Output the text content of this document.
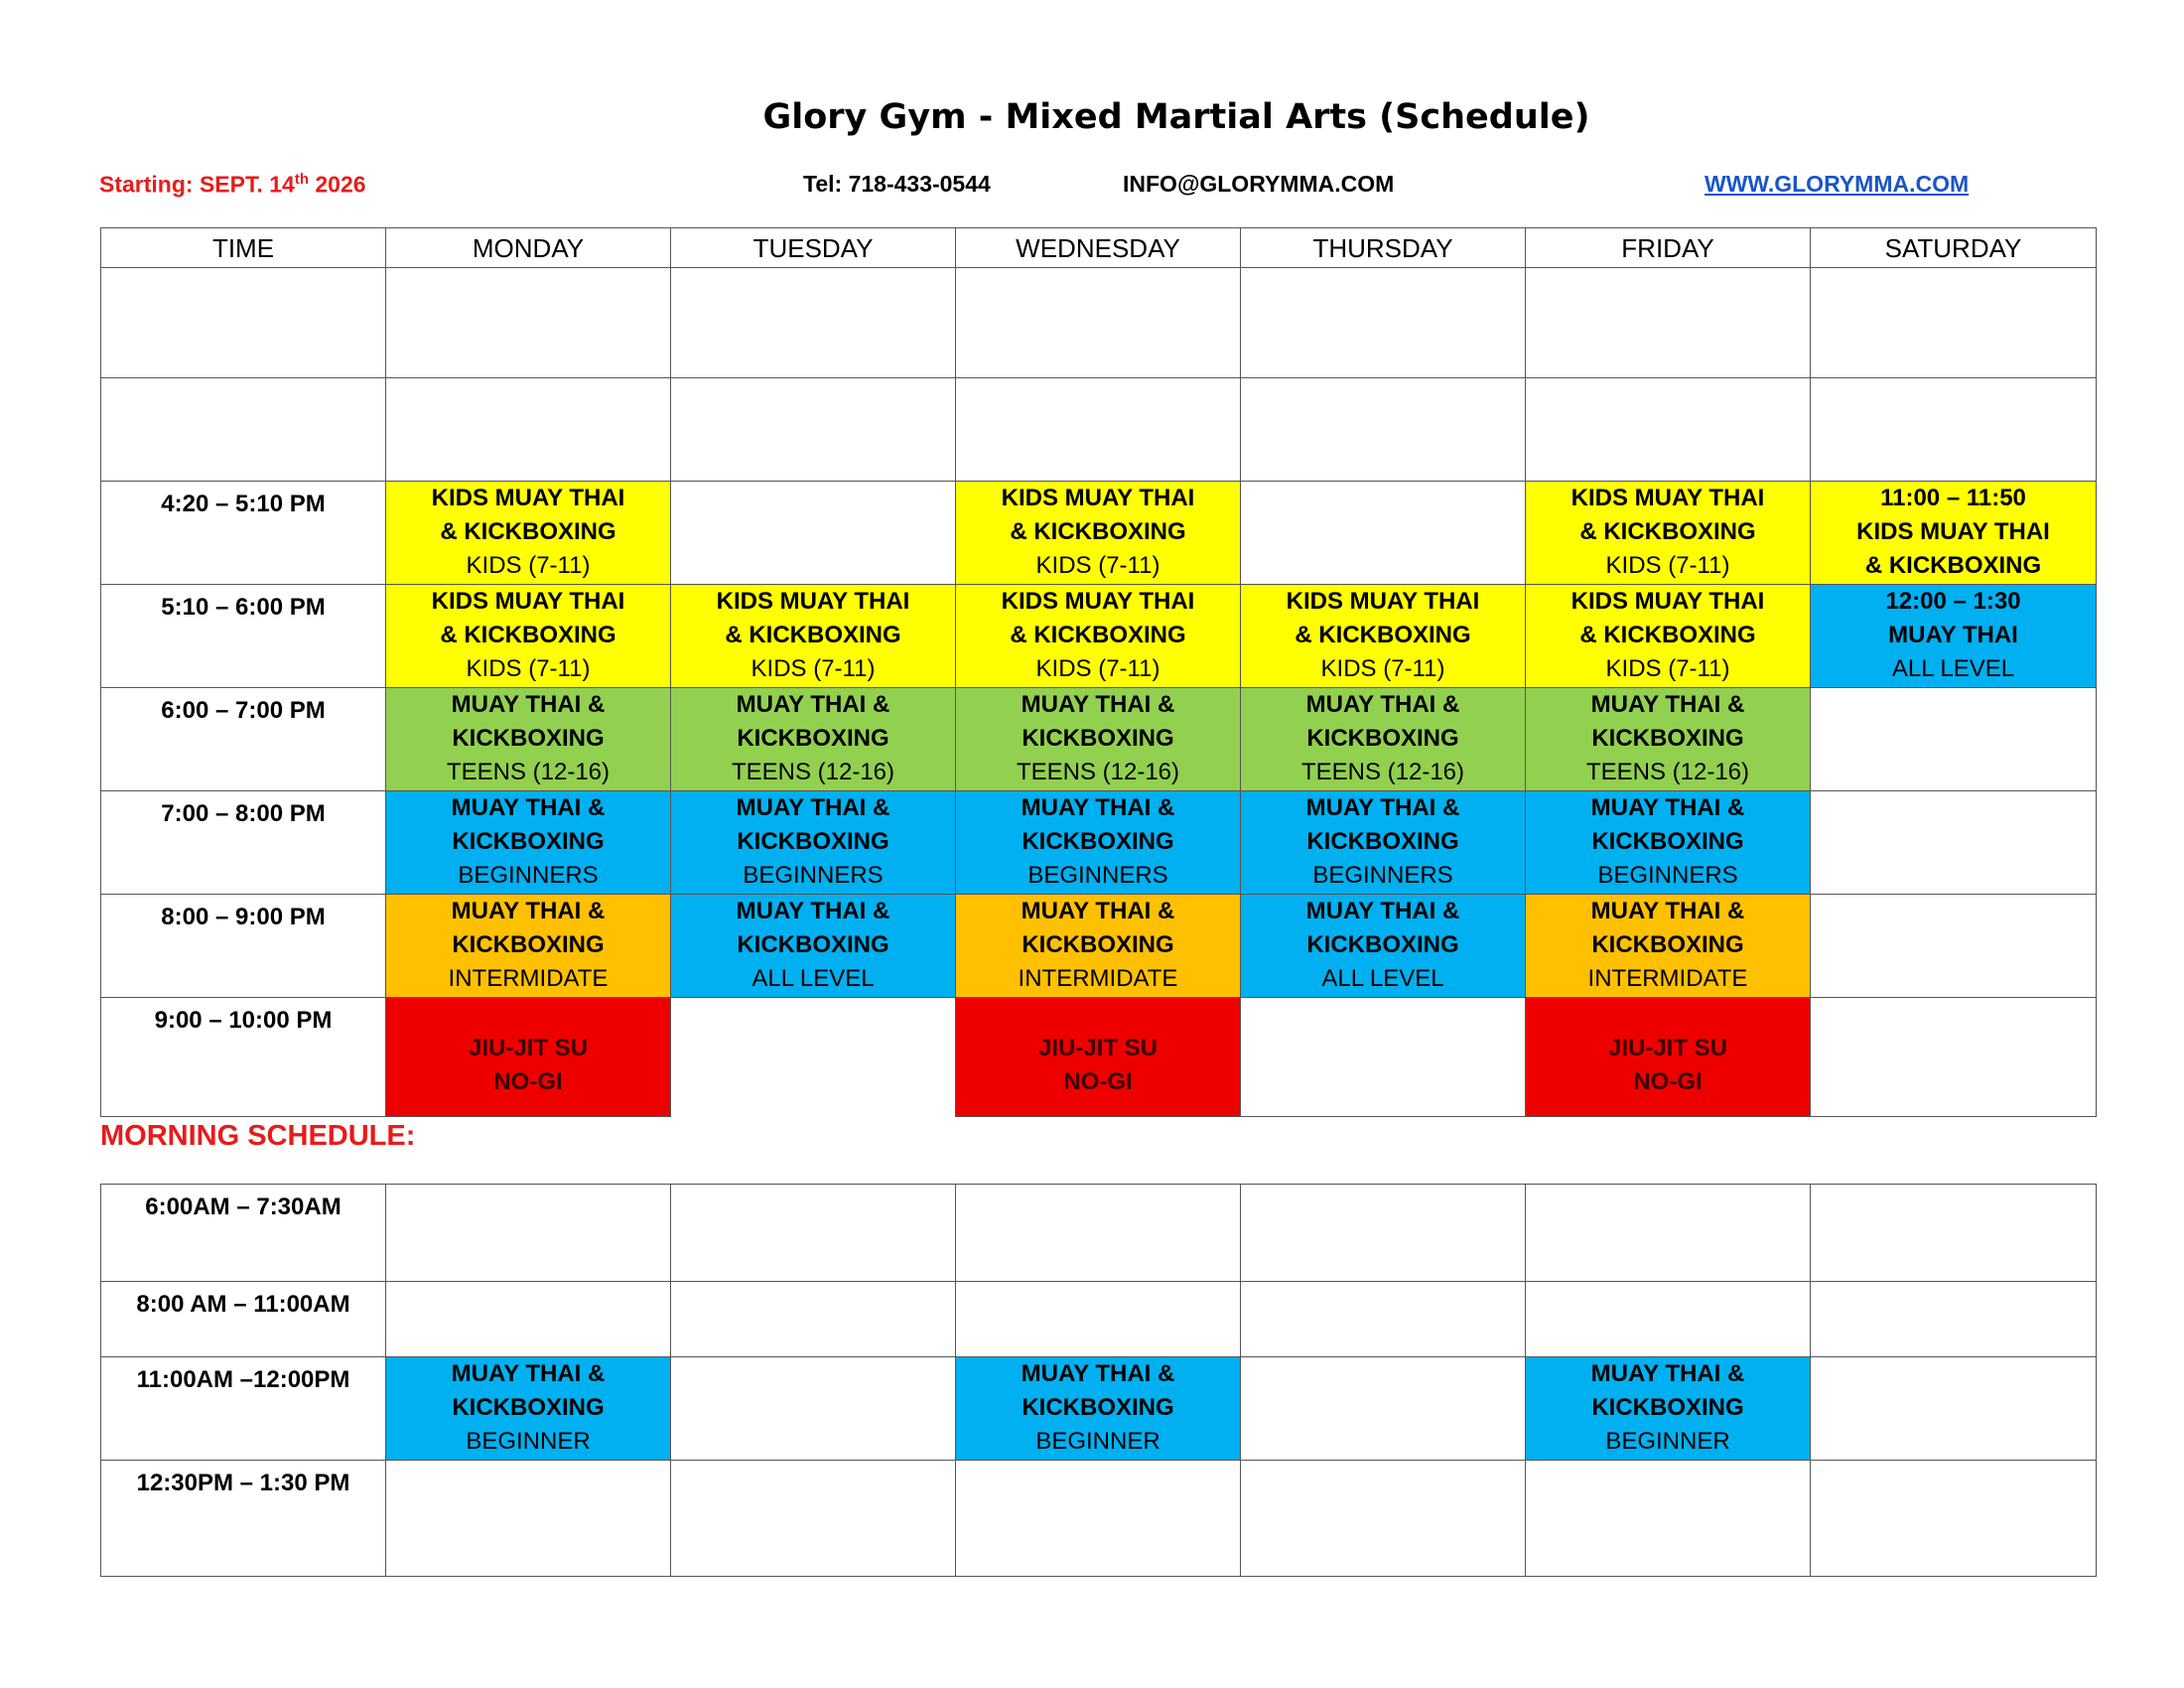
Glory Gym - Mixed Martial Arts (Schedule)
Starting: SEPT. 14th 2026	Tel: 718-433-0544	INFO@GLORYMMA.COM	WWW.GLORYMMA.COM
TIME	MONDAY	TUESDAY	WEDNESDAY	THURSDAY	FRIDAY	SATURDAY

4:20 – 5:10 PM	KIDS MUAY THAI
& KICKBOXING
KIDS (7-11)		KIDS MUAY THAI
& KICKBOXING
KIDS (7-11)		KIDS MUAY THAI
& KICKBOXING
KIDS (7-11)	11:00 – 11:50
KIDS MUAY THAI
& KICKBOXING

5:10 – 6:00 PM	KIDS MUAY THAI
& KICKBOXING
KIDS (7-11)	KIDS MUAY THAI
& KICKBOXING
KIDS (7-11)	KIDS MUAY THAI
& KICKBOXING
KIDS (7-11)	KIDS MUAY THAI
& KICKBOXING
KIDS (7-11)	KIDS MUAY THAI
& KICKBOXING
KIDS (7-11)	12:00 – 1:30
MUAY THAI
ALL LEVEL

6:00 – 7:00 PM	MUAY THAI &
KICKBOXING
TEENS (12-16)	MUAY THAI &
KICKBOXING
TEENS (12-16)	MUAY THAI &
KICKBOXING
TEENS (12-16)	MUAY THAI &
KICKBOXING
TEENS (12-16)	MUAY THAI &
KICKBOXING
TEENS (12-16)	

7:00 – 8:00 PM	MUAY THAI &
KICKBOXING
BEGINNERS	MUAY THAI &
KICKBOXING
BEGINNERS	MUAY THAI &
KICKBOXING
BEGINNERS	MUAY THAI &
KICKBOXING
BEGINNERS	MUAY THAI &
KICKBOXING
BEGINNERS	

8:00 – 9:00 PM	MUAY THAI &
KICKBOXING
INTERMIDATE	MUAY THAI &
KICKBOXING
ALL LEVEL	MUAY THAI &
KICKBOXING
INTERMIDATE	MUAY THAI &
KICKBOXING
ALL LEVEL	MUAY THAI &
KICKBOXING
INTERMIDATE	

9:00 – 10:00 PM	JIU-JIT SU
NO-GI		JIU-JIT SU
NO-GI		JIU-JIT SU
NO-GI	

MORNING SCHEDULE:
6:00AM – 7:30AM						
8:00 AM – 11:00AM						
11:00AM –12:00PM	MUAY THAI &
KICKBOXING
BEGINNER		MUAY THAI &
KICKBOXING
BEGINNER		MUAY THAI &
KICKBOXING
BEGINNER	

12:30PM – 1:30 PM						
